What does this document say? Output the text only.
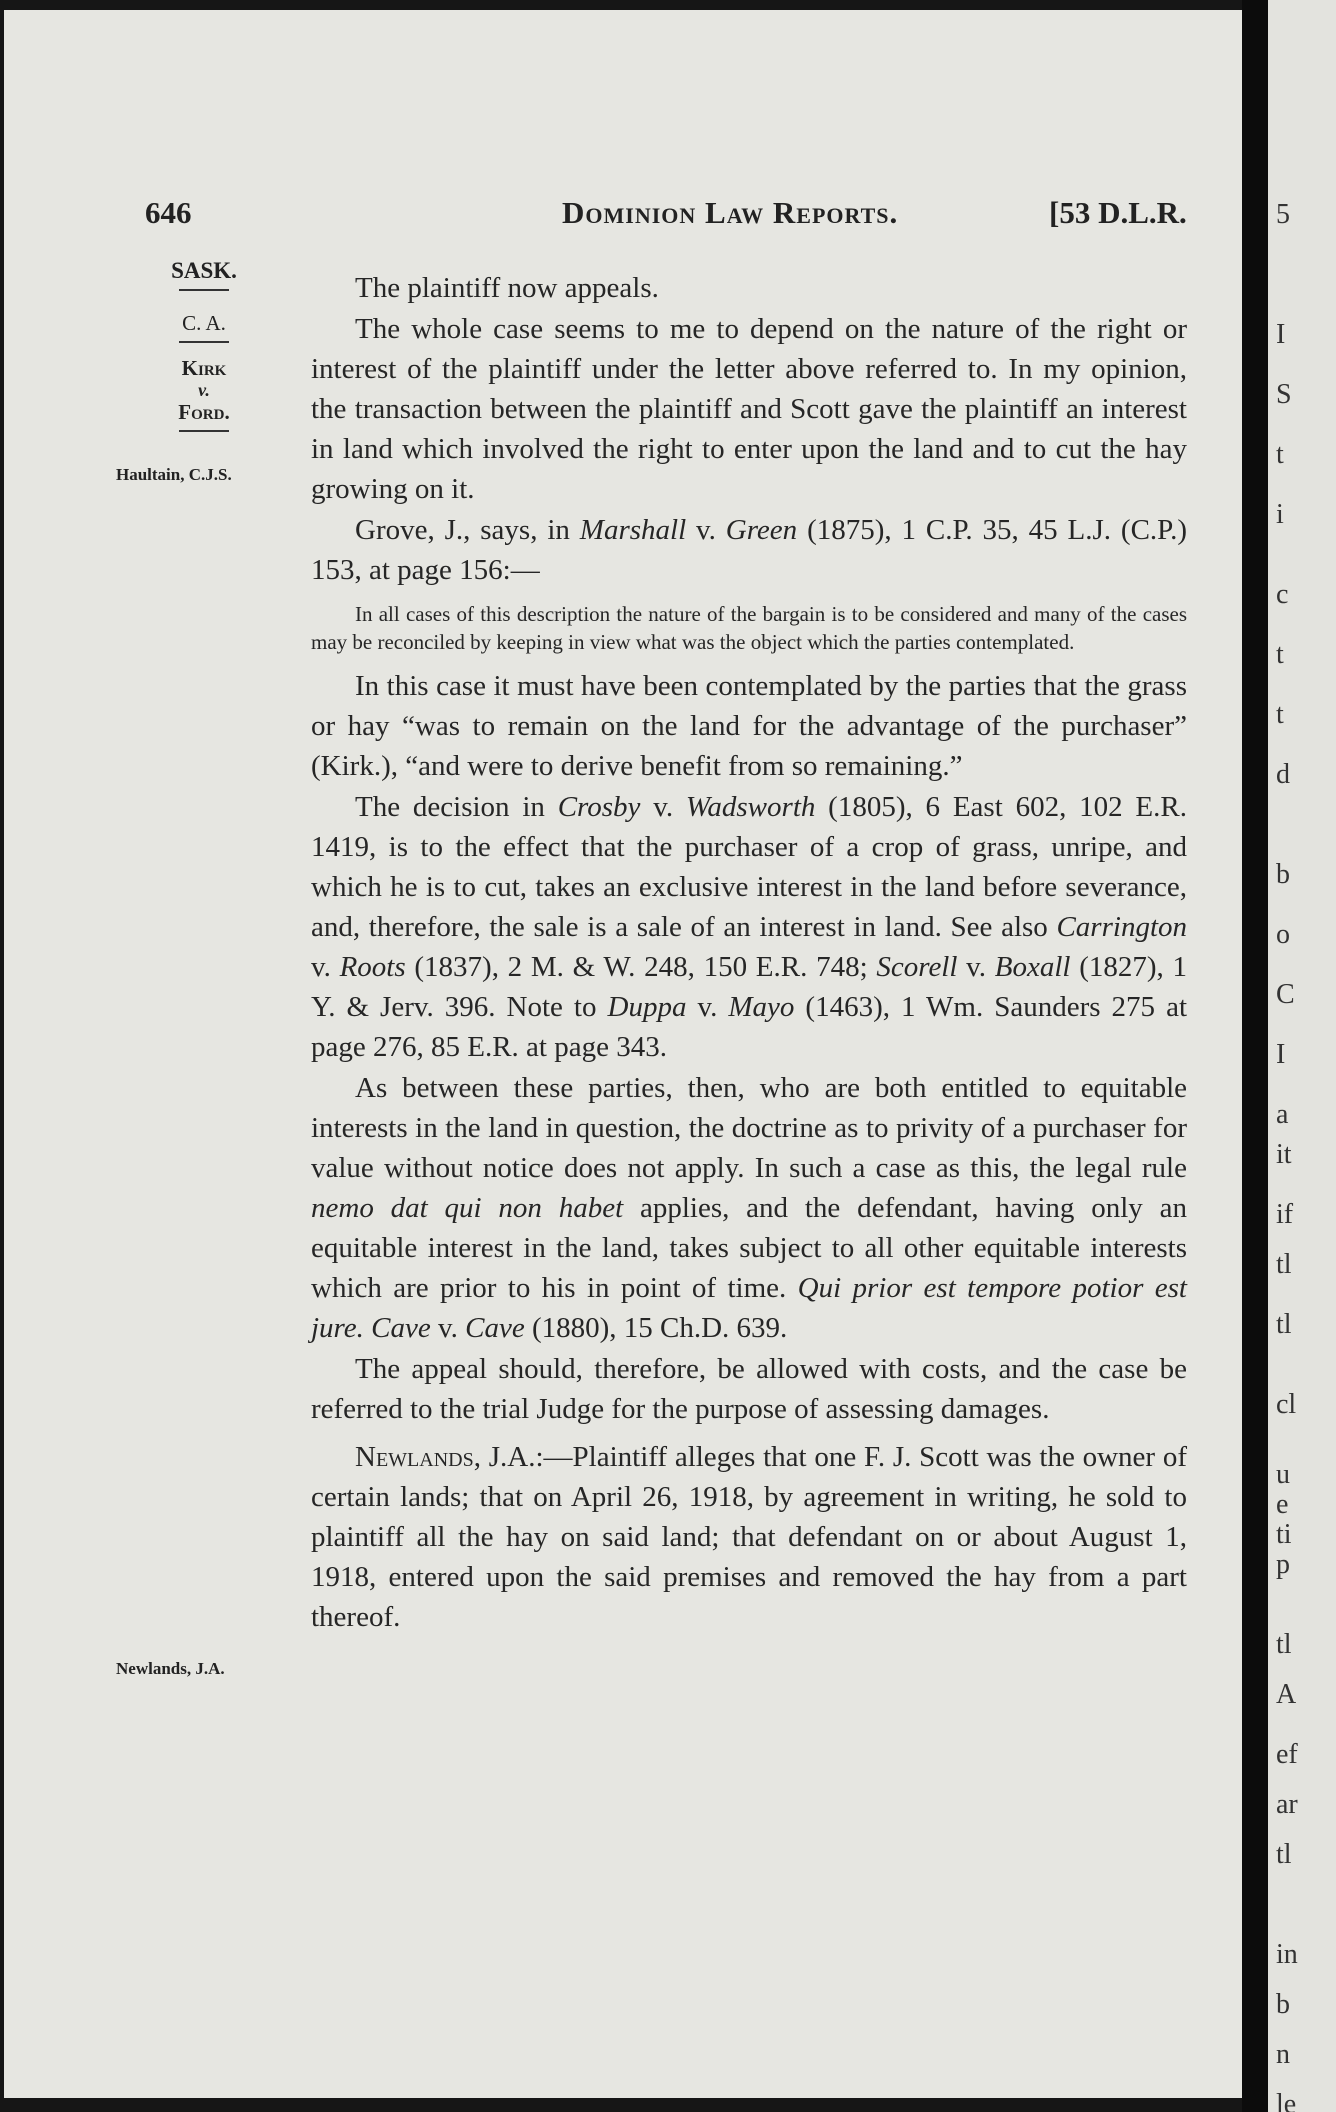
646	Dominion Law Reports.	[53 D.L.R.
SASK.
C. A.
Kirk
v.
Ford.
Haultain, C.J.S.
Newlands, J.A.

The plaintiff now appeals.

The whole case seems to me to depend on the nature of the right or interest of the plaintiff under the letter above referred to. In my opinion, the transaction between the plaintiff and Scott gave the plaintiff an interest in land which involved the right to enter upon the land and to cut the hay growing on it.

Grove, J., says, in Marshall v. Green (1875), 1 C.P. 35, 45 L.J. (C.P.) 153, at page 156:—

In all cases of this description the nature of the bargain is to be considered and many of the cases may be reconciled by keeping in view what was the object which the parties contemplated.

In this case it must have been contemplated by the parties that the grass or hay “was to remain on the land for the advantage of the purchaser” (Kirk.), “and were to derive benefit from so remaining.”

The decision in Crosby v. Wadsworth (1805), 6 East 602, 102 E.R. 1419, is to the effect that the purchaser of a crop of grass, unripe, and which he is to cut, takes an exclusive interest in the land before severance, and, therefore, the sale is a sale of an interest in land. See also Carrington v. Roots (1837), 2 M. & W. 248, 150 E.R. 748; Scorell v. Boxall (1827), 1 Y. & Jerv. 396. Note to Duppa v. Mayo (1463), 1 Wm. Saunders 275 at page 276, 85 E.R. at page 343.

As between these parties, then, who are both entitled to equitable interests in the land in question, the doctrine as to privity of a purchaser for value without notice does not apply. In such a case as this, the legal rule nemo dat qui non habet applies, and the defendant, having only an equitable interest in the land, takes subject to all other equitable interests which are prior to his in point of time. Qui prior est tempore potior est jure. Cave v. Cave (1880), 15 Ch.D. 639.

The appeal should, therefore, be allowed with costs, and the case be referred to the trial Judge for the purpose of assessing damages.

Newlands, J.A.:—Plaintiff alleges that one F. J. Scott was the owner of certain lands; that on April 26, 1918, by agreement in writing, he sold to plaintiff all the hay on said land; that defendant on or about August 1, 1918, entered upon the said premises and removed the hay from a part thereof.

5
I
S
t
i
c
t
t
d
b
o
C
I
a
it
if
tl
tl
cl
u
e
ti
p
tl
A
ef
ar
tl
in
b
n
le
